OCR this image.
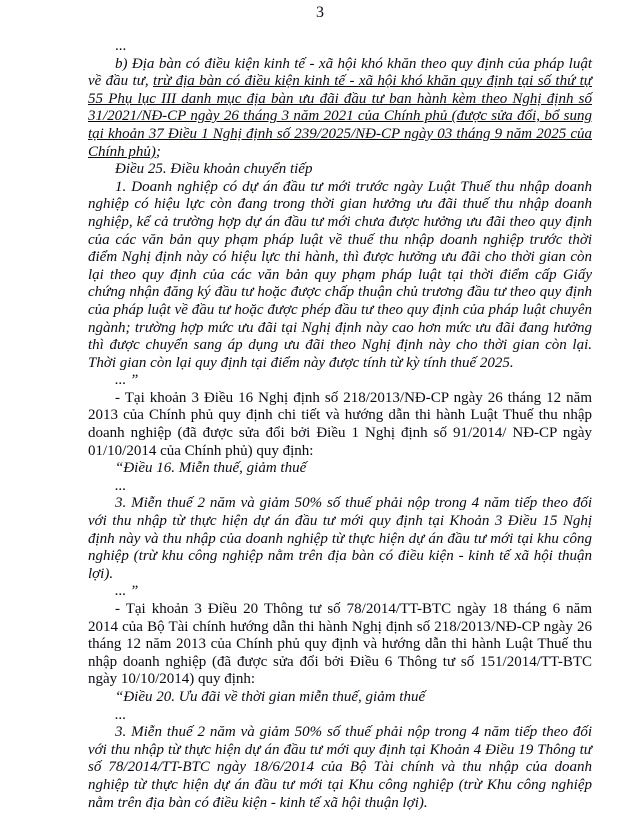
3

...

b) Địa bàn có điều kiện kinh tế - xã hội khó khăn theo quy định của pháp luật về đầu tư, trừ địa bàn có điều kiện kinh tế - xã hội khó khăn quy định tại số thứ tự 55 Phụ lục III danh mục địa bàn ưu đãi đầu tư ban hành kèm theo Nghị định số 31/2021/NĐ-CP ngày 26 tháng 3 năm 2021 của Chính phủ (được sửa đổi, bổ sung tại khoản 37 Điều 1 Nghị định số 239/2025/NĐ-CP ngày 03 tháng 9 năm 2025 của Chính phủ);

Điều 25. Điều khoản chuyển tiếp

1. Doanh nghiệp có dự án đầu tư mới trước ngày Luật Thuế thu nhập doanh nghiệp có hiệu lực còn đang trong thời gian hưởng ưu đãi thuế thu nhập doanh nghiệp, kể cả trường hợp dự án đầu tư mới chưa được hưởng ưu đãi theo quy định của các văn bản quy phạm pháp luật về thuế thu nhập doanh nghiệp trước thời điểm Nghị định này có hiệu lực thi hành, thì được hưởng ưu đãi cho thời gian còn lại theo quy định của các văn bản quy phạm pháp luật tại thời điểm cấp Giấy chứng nhận đăng ký đầu tư hoặc được chấp thuận chủ trương đầu tư theo quy định của pháp luật về đầu tư hoặc được phép đầu tư theo quy định của pháp luật chuyên ngành; trường hợp mức ưu đãi tại Nghị định này cao hơn mức ưu đãi đang hưởng thì được chuyển sang áp dụng ưu đãi theo Nghị định này cho thời gian còn lại. Thời gian còn lại quy định tại điểm này được tính từ kỳ tính thuế 2025.

... ”

- Tại khoản 3 Điều 16 Nghị định số 218/2013/NĐ-CP ngày 26 tháng 12 năm 2013 của Chính phủ quy định chi tiết và hướng dẫn thi hành Luật Thuế thu nhập doanh nghiệp (đã được sửa đổi bởi Điều 1 Nghị định số 91/2014/ NĐ-CP ngày 01/10/2014 của Chính phủ) quy định:

“Điều 16. Miễn thuế, giảm thuế

...

3. Miễn thuế 2 năm và giảm 50% số thuế phải nộp trong 4 năm tiếp theo đối với thu nhập từ thực hiện dự án đầu tư mới quy định tại Khoản 3 Điều 15 Nghị định này và thu nhập của doanh nghiệp từ thực hiện dự án đầu tư mới tại khu công nghiệp (trừ khu công nghiệp nằm trên địa bàn có điều kiện - kinh tế xã hội thuận lợi).

... ”

- Tại khoản 3 Điều 20 Thông tư số 78/2014/TT-BTC ngày 18 tháng 6 năm 2014 của Bộ Tài chính hướng dẫn thi hành Nghị định số 218/2013/NĐ-CP ngày 26 tháng 12 năm 2013 của Chính phủ quy định và hướng dẫn thi hành Luật Thuế thu nhập doanh nghiệp (đã được sửa đổi bởi Điều 6 Thông tư số 151/2014/TT-BTC ngày 10/10/2014) quy định:

“Điều 20. Ưu đãi về thời gian miễn thuế, giảm thuế

...

3. Miễn thuế 2 năm và giảm 50% số thuế phải nộp trong 4 năm tiếp theo đối với thu nhập từ thực hiện dự án đầu tư mới quy định tại Khoản 4 Điều 19 Thông tư số 78/2014/TT-BTC ngày 18/6/2014 của Bộ Tài chính và thu nhập của doanh nghiệp từ thực hiện dự án đầu tư mới tại Khu công nghiệp (trừ Khu công nghiệp nằm trên địa bàn có điều kiện - kinh tế xã hội thuận lợi).
